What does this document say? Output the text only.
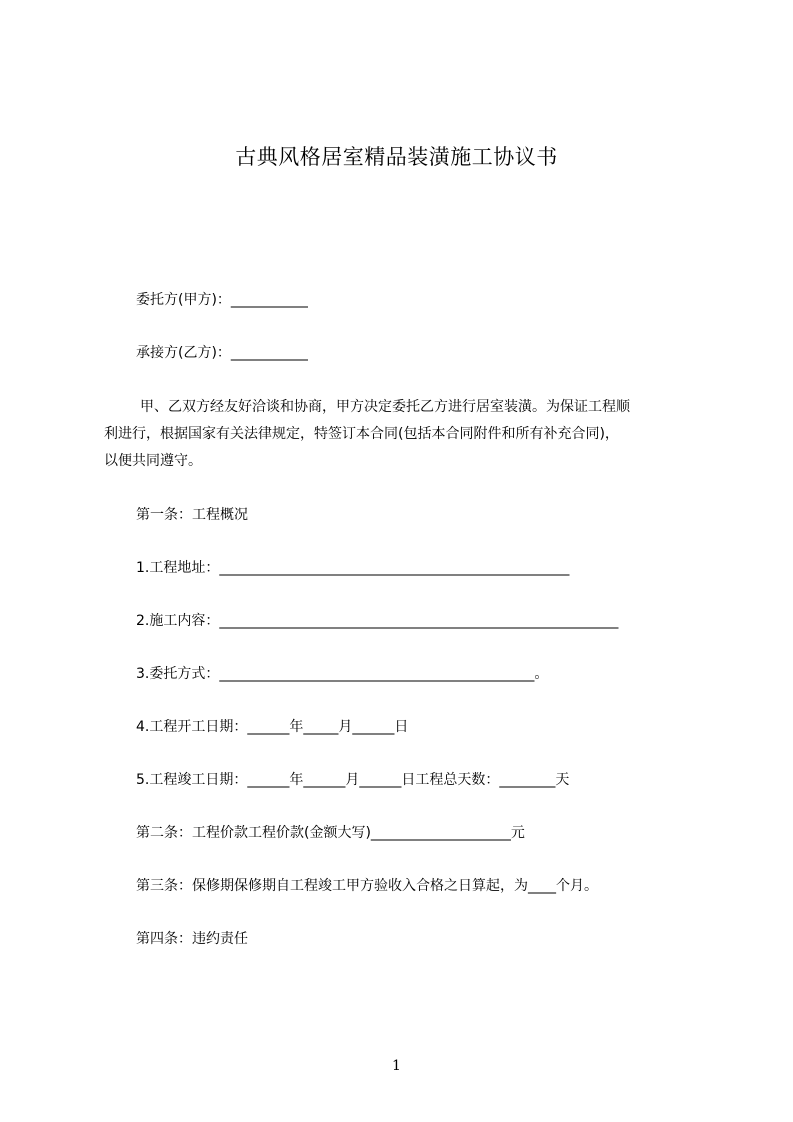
古典风格居室精品装潢施工协议书
委托方(甲方)：___________
承接方(乙方)：___________
甲、乙双方经友好洽谈和协商，甲方决定委托乙方进行居室装潢。为保证工程顺
利进行，根据国家有关法律规定，特签订本合同(包括本合同附件和所有补充合同)，
以便共同遵守。
第一条：工程概况
1.工程地址：__________________________________________________
2.施工内容：_________________________________________________________
3.委托方式：_____________________________________________。
4.工程开工日期：______年_____月______日
5.工程竣工日期：______年______月______日工程总天数：________天
第二条：工程价款工程价款(金额大写)____________________元
第三条：保修期保修期自工程竣工甲方验收入合格之日算起，为____个月。
第四条：违约责任
1
